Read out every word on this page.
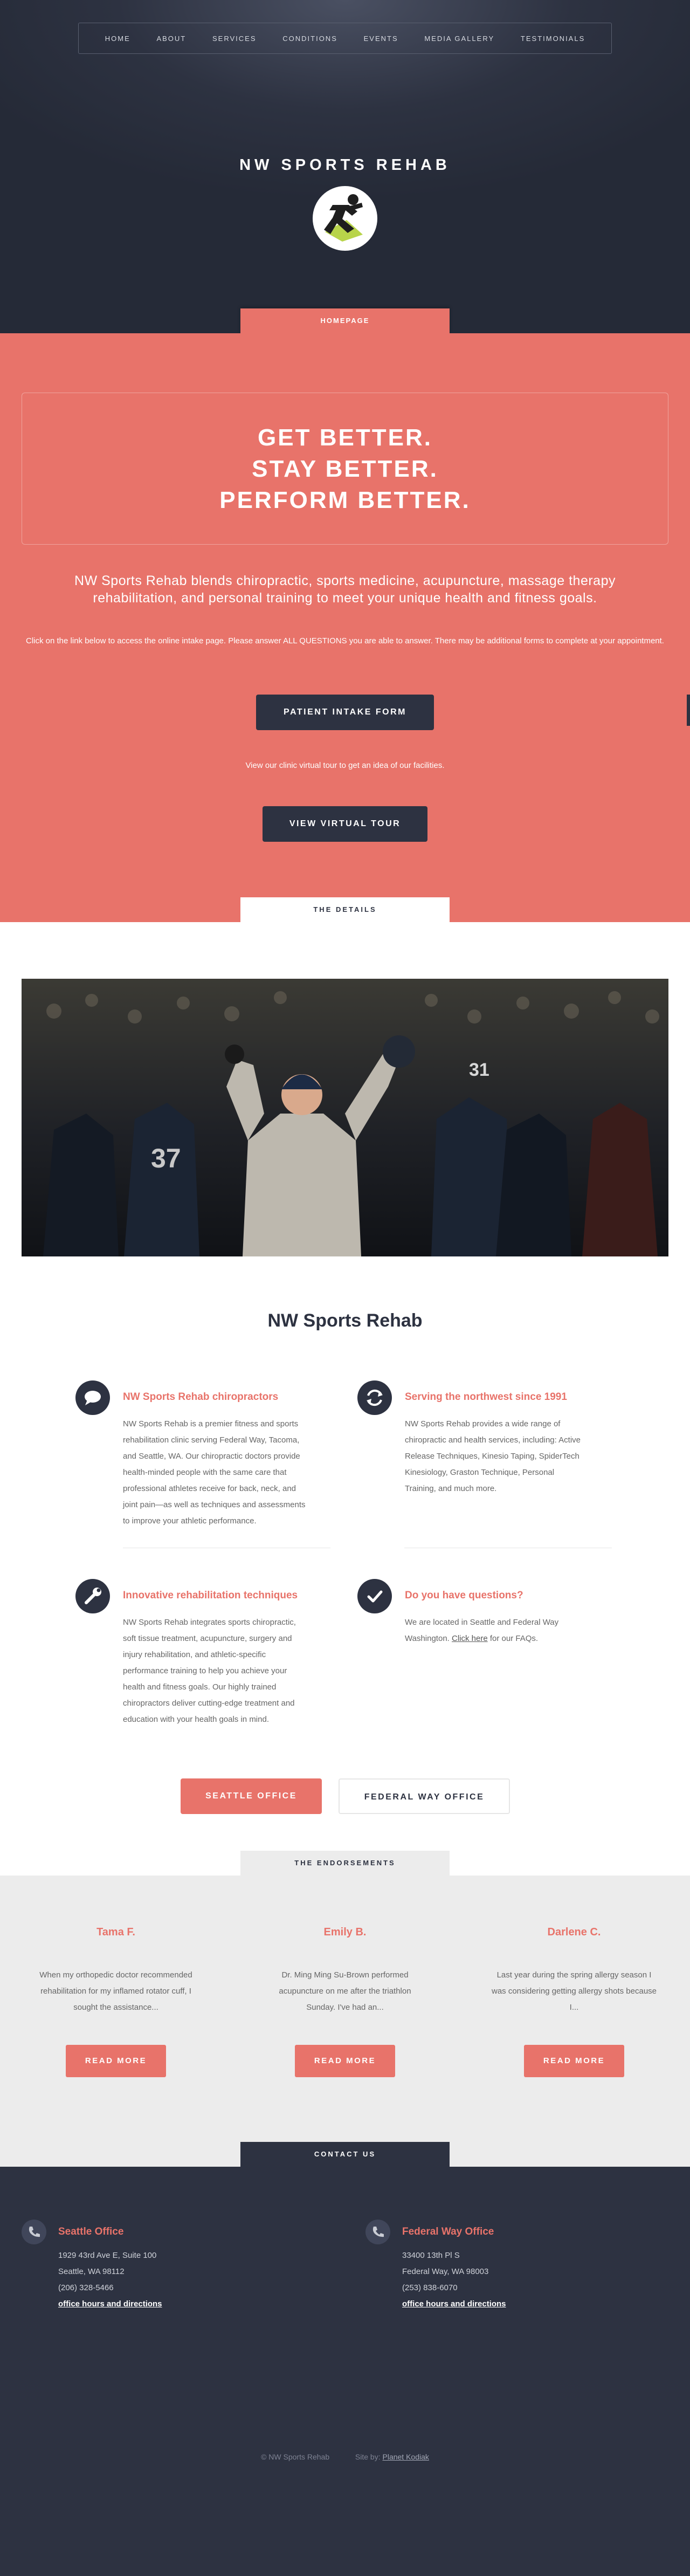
HOME	ABOUT	SERVICES	CONDITIONS	EVENTS	MEDIA GALLERY	TESTIMONIALS
NW SPORTS REHAB
HOMEPAGE
GET BETTER.
STAY BETTER.
PERFORM BETTER.

NW Sports Rehab blends chiropractic, sports medicine, acupuncture, massage therapy rehabilitation, and personal training to meet your unique health and fitness goals.

Click on the link below to access the online intake page. Please answer ALL QUESTIONS you are able to answer. There may be additional forms to complete at your appointment.

PATIENT INTAKE FORM

View our clinic virtual tour to get an idea of our facilities.

VIEW VIRTUAL TOUR
THE DETAILS
31
37
NW Sports Rehab
NW Sports Rehab chiropractors

NW Sports Rehab is a premier fitness and sports
rehabilitation clinic serving Federal Way, Tacoma,
and Seattle, WA. Our chiropractic doctors provide
health-minded people with the same care that
professional athletes receive for back, neck, and
joint pain—as well as techniques and assessments
to improve your athletic performance.

Serving the northwest since 1991

NW Sports Rehab provides a wide range of
chiropractic and health services, including: Active
Release Techniques, Kinesio Taping, SpiderTech
Kinesiology, Graston Technique, Personal
Training, and much more.

Innovative rehabilitation techniques

NW Sports Rehab integrates sports chiropractic,
soft tissue treatment, acupuncture, surgery and
injury rehabilitation, and athletic-specific
performance training to help you achieve your
health and fitness goals. Our highly trained
chiropractors deliver cutting-edge treatment and
education with your health goals in mind.

Do you have questions?

We are located in Seattle and Federal Way
Washington. Click here for our FAQs.

SEATTLE OFFICE	FEDERAL WAY OFFICE
THE ENDORSEMENTS
Tama F.

When my orthopedic doctor recommended
rehabilitation for my inflamed rotator cuff, I
sought the assistance...

READ MORE
Emily B.

Dr. Ming Ming Su-Brown performed
acupuncture on me after the triathlon
Sunday. I've had an...

READ MORE
Darlene C.

Last year during the spring allergy season I
was considering getting allergy shots because
I...

READ MORE
CONTACT US
Seattle Office
1929 43rd Ave E, Suite 100
Seattle, WA 98112
(206) 328-5466
office hours and directions
Federal Way Office
33400 13th Pl S
Federal Way, WA 98003
(253) 838-6070
office hours and directions
© NW Sports Rehab	Site by: Planet Kodiak
